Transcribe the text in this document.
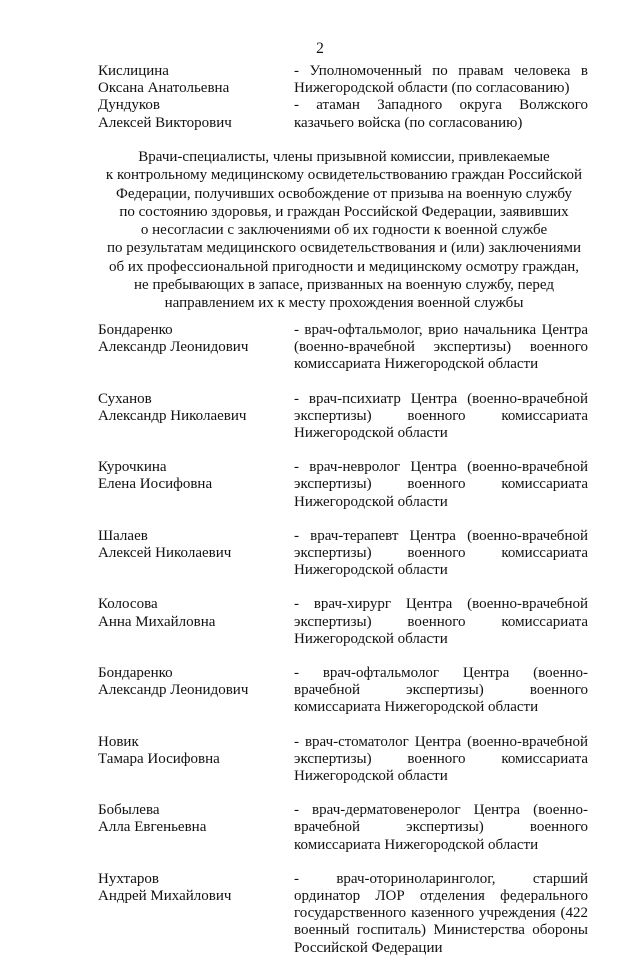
2
Кислицина
Оксана Анатольевна
- Уполномоченный по правам человека в Нижегородской области (по согласованию)
Дундуков
Алексей Викторович
- атаман Западного округа Волжского казачьего войска (по согласованию)
Врачи-специалисты, члены призывной комиссии, привлекаемые
к контрольному медицинскому освидетельствованию граждан Российской
Федерации, получивших освобождение от призыва на военную службу
по состоянию здоровья, и граждан Российской Федерации, заявивших
о несогласии с заключениями об их годности к военной службе
по результатам медицинского освидетельствования и (или) заключениями
об их профессиональной пригодности и медицинскому осмотру граждан,
не пребывающих в запасе, призванных на военную службу, перед
направлением их к месту прохождения военной службы
Бондаренко
Александр Леонидович
- врач-офтальмолог, врио начальника Центра (военно-врачебной экспертизы) военного комиссариата Нижегородской области
Суханов
Александр Николаевич
- врач-психиатр Центра (военно-врачебной экспертизы) военного комиссариата Нижегородской области
Курочкина
Елена Иосифовна
- врач-невролог Центра (военно-врачебной экспертизы) военного комиссариата Нижегородской области
Шалаев
Алексей Николаевич
- врач-терапевт Центра (военно-врачебной экспертизы) военного комиссариата Нижегородской области
Колосова
Анна Михайловна
- врач-хирург Центра (военно-врачебной экспертизы) военного комиссариата Нижегородской области
Бондаренко
Александр Леонидович
- врач-офтальмолог Центра (военно-врачебной экспертизы) военного комиссариата Нижегородской области
Новик
Тамара Иосифовна
- врач-стоматолог Центра (военно-врачебной экспертизы) военного комиссариата Нижегородской области
Бобылева
Алла Евгеньевна
- врач-дерматовенеролог Центра (военно-врачебной экспертизы) военного комиссариата Нижегородской области
Нухтаров
Андрей Михайлович
- врач-оториноларинголог, старший ординатор ЛОР отделения федерального государственного казенного учреждения (422 военный госпиталь) Министерства обороны Российской Федерации
